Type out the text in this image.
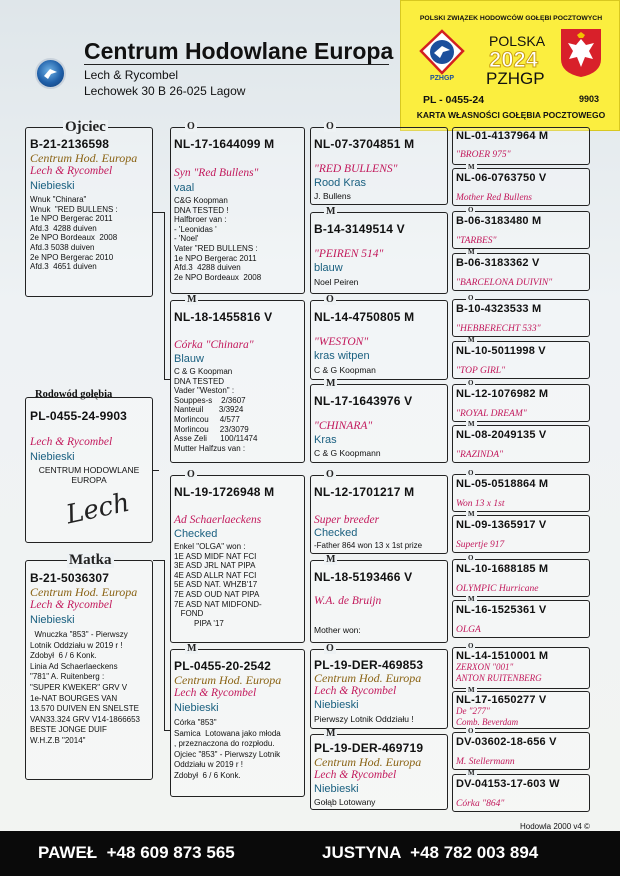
Centrum Hodowlane Europa
Lech & Rycombel
Lechowek 30 B 26-025 Lagow
POLSKI ZWIĄZEK HODOWCÓW GOŁĘBI POCZTOWYCH
PZHGP
POLSKA
2024
PZHGP
PL - 0455-24	9903
KARTA WŁASNOŚCI GOŁĘBIA POCZTOWEGO
B-21-2136598
Centrum Hod. Europa
Lech & Rycombel
Niebieski
Wnuk "Chinara"
Wnuk  "RED BULLENS :
1e NPO Bergerac 2011
Afd.3  4288 duiven
2e NPO Bordeaux  2008
Afd.3 5038 duiven
2e NPO Bergerac 2010
Afd.3  4651 duiven
Ojciec
Rodowód gołębia
PL-0455-24-9903
Lech & Rycombel
Niebieski
CENTRUM HODOWLANE
EUROPA
Lech
B-21-5036307
Centrum Hod. Europa
Lech & Rycombel
Niebieski
Wnuczka "853" - Pierwszy
Lotnik Oddziału w 2019 r !
Zdobył  6 / 6 Konk.
Linia Ad Schaerlaeckens
"781" A. Ruitenberg :
"SUPER KWEKER" GRV V
1e-NAT BOURGES VAN
13.570 DUIVEN EN SNELSTE
VAN33.324 GRV V14-1866653
BESTE JONGE DUIF
W.H.Z.B "2014"
Matka
NL-17-1644099 M
Syn "Red Bullens"
vaal
C&G Koopman
DNA TESTED !
Halfbroer van :
- 'Leonidas '
- 'Noel'
Vater "RED BULLENS :
1e NPO Bergerac 2011
Afd.3  4288 duiven
2e NPO Bordeaux  2008
O
NL-18-1455816 V
Córka "Chinara"
Blauw
C & G Koopman
DNA TESTED
Vader "Weston" :
Souppes-s    2/3607
Nanteuil       3/3924
Morlincou     4/577
Morlincou     23/3079
Asse Zeli      100/11474
Mutter Halfzus van :
M
NL-19-1726948 M
Ad Schaerlaeckens
Checked
Enkel "OLGA" won :
1E ASD MIDF NAT FCI
3E ASD JRL NAT PIPA
4E ASD ALLR NAT FCI
5E ASD NAT. WHZB'17
7E ASD OUD NAT PIPA
7E ASD NAT MIDFOND-
FOND
PIPA '17
O
PL-0455-20-2542
Centrum Hod. Europa
Lech & Rycombel
Niebieski
Córka "853"
Samica  Lotowana jako młoda
, przeznaczona do rozpłodu.
Ojciec "853" - Pierwszy Lotnik
Oddziału w 2019 r !
Zdobył  6 / 6 Konk.
M
NL-07-3704851 M
"RED BULLENS"
Rood Kras
J. Bullens
O
B-14-3149514 V
"PEIREN 514"
blauw
Noel Peiren
M
NL-14-4750805 M
"WESTON"
kras witpen
C & G Koopman
O
NL-17-1643976 V
"CHINARA"
Kras
C & G Koopmann
M
NL-12-1701217 M
Super breeder
Checked
-Father 864 won 13 x 1st prize
O
NL-18-5193466 V
W.A. de Bruijn
Mother won:
M
PL-19-DER-469853
Centrum Hod. Europa
Lech & Rycombel
Niebieski
Pierwszy Lotnik Oddziału !
O
PL-19-DER-469719
Centrum Hod. Europa
Lech & Rycombel
Niebieski
Gołąb Lotowany
M
NL-01-4137964 M
"BROER 975"
NL-06-0763750 V
Mother Red Bullens
M
B-06-3183480 M
"TARBES"
O
B-06-3183362 V
"BARCELONA DUIVIN"
M
B-10-4323533 M
"HEBBERECHT 533"
O
NL-10-5011998 V
"TOP GIRL"
M
NL-12-1076982 M
"ROYAL DREAM"
O
NL-08-2049135 V
"RAZINDA"
M
NL-05-0518864 M
Won 13 x 1st
O
NL-09-1365917 V
Supertje 917
M
NL-10-1688185 M
OLYMPIC Hurricane
O
NL-16-1525361 V
OLGA
M
NL-14-1510001 M
ZERXON "001"
ANTON RUITENBERG
O
NL-17-1650277 V
De "277"
Comb. Beverdam
M
DV-03602-18-656 V
M. Stellermann
O
DV-04153-17-603 W
Córka "864"
M
Hodowla 2000 v4 ©
PAWEŁ  +48 609 873 565	JUSTYNA  +48 782 003 894
